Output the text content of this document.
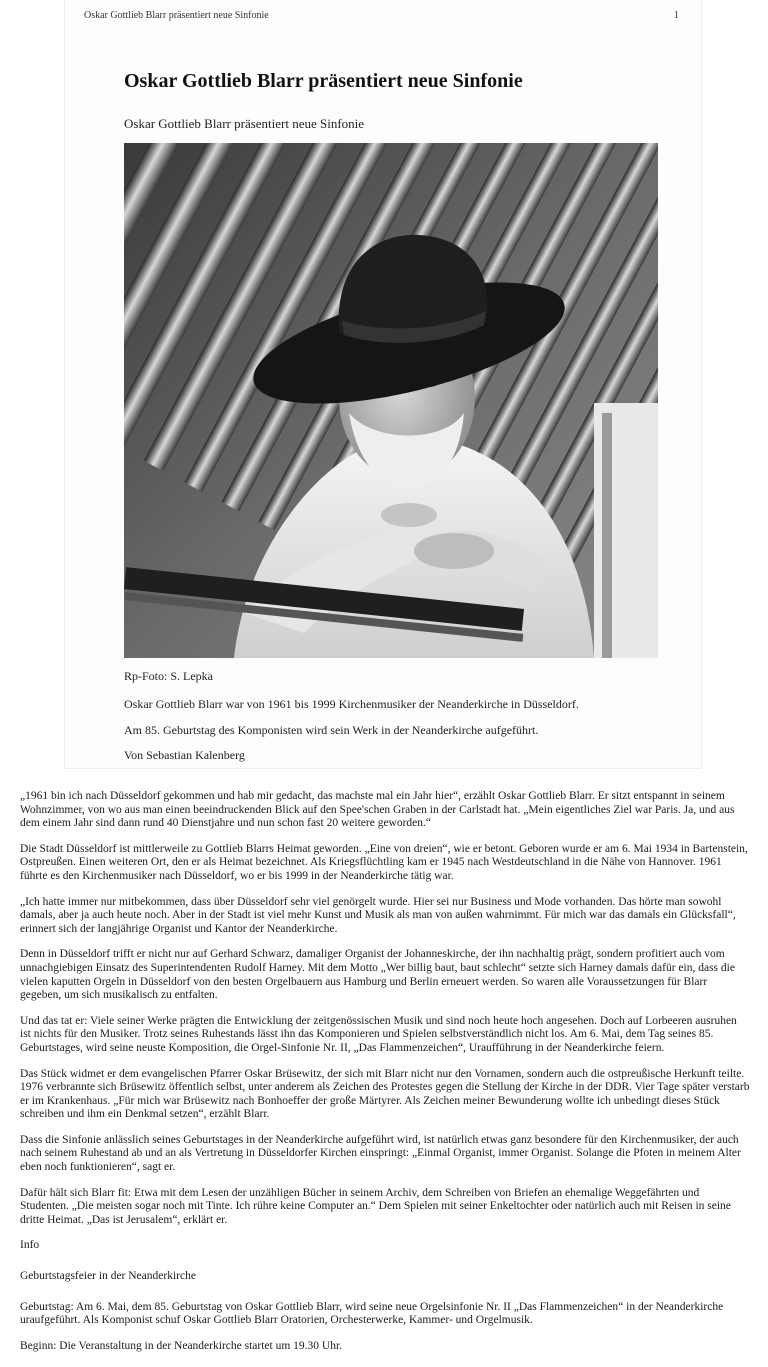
Oskar Gottlieb Blarr präsentiert neue Sinfonie	1
Oskar Gottlieb Blarr präsentiert neue Sinfonie
Oskar Gottlieb Blarr präsentiert neue Sinfonie
Rp-Foto: S. Lepka
Oskar Gottlieb Blarr war von 1961 bis 1999 Kirchenmusiker der Neanderkirche in Düsseldorf.
Am 85. Geburtstag des Komponisten wird sein Werk in der Neanderkirche aufgeführt.
Von Sebastian Kalenberg

„1961 bin ich nach Düsseldorf gekommen und hab mir gedacht, das machste mal ein Jahr hier“, erzählt Oskar Gottlieb Blarr. Er sitzt entspannt in seinem Wohnzimmer, von wo aus man einen beeindruckenden Blick auf den Spee'schen Graben in der Carlstadt hat. „Mein eigentliches Ziel war Paris. Ja, und aus dem einem Jahr sind dann rund 40 Dienstjahre und nun schon fast 20 weitere geworden.“

Die Stadt Düsseldorf ist mittlerweile zu Gottlieb Blarrs Heimat geworden. „Eine von dreien“, wie er betont. Geboren wurde er am 6. Mai 1934 in Bartenstein, Ostpreußen. Einen weiteren Ort, den er als Heimat bezeichnet. Als Kriegsflüchtling kam er 1945 nach Westdeutschland in die Nähe von Hannover. 1961 führte es den Kirchenmusiker nach Düsseldorf, wo er bis 1999 in der Neanderkirche tätig war.

„Ich hatte immer nur mitbekommen, dass über Düsseldorf sehr viel genörgelt wurde. Hier sei nur Business und Mode vorhanden. Das hörte man sowohl damals, aber ja auch heute noch. Aber in der Stadt ist viel mehr Kunst und Musik als man von außen wahrnimmt. Für mich war das damals ein Glücksfall“, erinnert sich der langjährige Organist und Kantor der Neanderkirche.

Denn in Düsseldorf trifft er nicht nur auf Gerhard Schwarz, damaliger Organist der Johanneskirche, der ihn nachhaltig prägt, sondern profitiert auch vom unnachgiebigen Einsatz des Superintendenten Rudolf Harney. Mit dem Motto „Wer billig baut, baut schlecht“ setzte sich Harney damals dafür ein, dass die vielen kaputten Orgeln in Düsseldorf von den besten Orgelbauern aus Hamburg und Berlin erneuert werden. So waren alle Voraussetzungen für Blarr gegeben, um sich musikalisch zu entfalten.

Und das tat er: Viele seiner Werke prägten die Entwicklung der zeitgenössischen Musik und sind noch heute hoch angesehen. Doch auf Lorbeeren ausruhen ist nichts für den Musiker. Trotz seines Ruhestands lässt ihn das Komponieren und Spielen selbstverständlich nicht los. Am 6. Mai, dem Tag seines 85. Geburtstages, wird seine neuste Komposition, die Orgel-Sinfonie Nr. II, „Das Flammenzeichen“, Uraufführung in der Neanderkirche feiern.

Das Stück widmet er dem evangelischen Pfarrer Oskar Brüsewitz, der sich mit Blarr nicht nur den Vornamen, sondern auch die ostpreußische Herkunft teilte. 1976 verbrannte sich Brüsewitz öffentlich selbst, unter anderem als Zeichen des Protestes gegen die Stellung der Kirche in der DDR. Vier Tage später verstarb er im Krankenhaus. „Für mich war Brüsewitz nach Bonhoeffer der große Märtyrer. Als Zeichen meiner Bewunderung wollte ich unbedingt dieses Stück schreiben und ihm ein Denkmal setzen“, erzählt Blarr.

Dass die Sinfonie anlässlich seines Geburtstages in der Neanderkirche aufgeführt wird, ist natürlich etwas ganz besondere für den Kirchenmusiker, der auch nach seinem Ruhestand ab und an als Vertretung in Düsseldorfer Kirchen einspringt: „Einmal Organist, immer Organist. Solange die Pfoten in meinem Alter eben noch funktionieren“, sagt er.

Dafür hält sich Blarr fit: Etwa mit dem Lesen der unzähligen Bücher in seinem Archiv, dem Schreiben von Briefen an ehemalige Weggefährten und Studenten. „Die meisten sogar noch mit Tinte. Ich rühre keine Computer an.“ Dem Spielen mit seiner Enkeltochter oder natürlich auch mit Reisen in seine dritte Heimat. „Das ist Jerusalem“, erklärt er.

Info

Geburtstagsfeier in der Neanderkirche

Geburtstag: Am 6. Mai, dem 85. Geburtstag von Oskar Gottlieb Blarr, wird seine neue Orgelsinfonie Nr. II „Das Flammenzeichen“ in der Neanderkirche uraufgeführt. Als Komponist schuf Oskar Gottlieb Blarr Oratorien, Orchesterwerke, Kammer- und Orgelmusik.

Beginn: Die Veranstaltung in der Neanderkirche startet um 19.30 Uhr.
